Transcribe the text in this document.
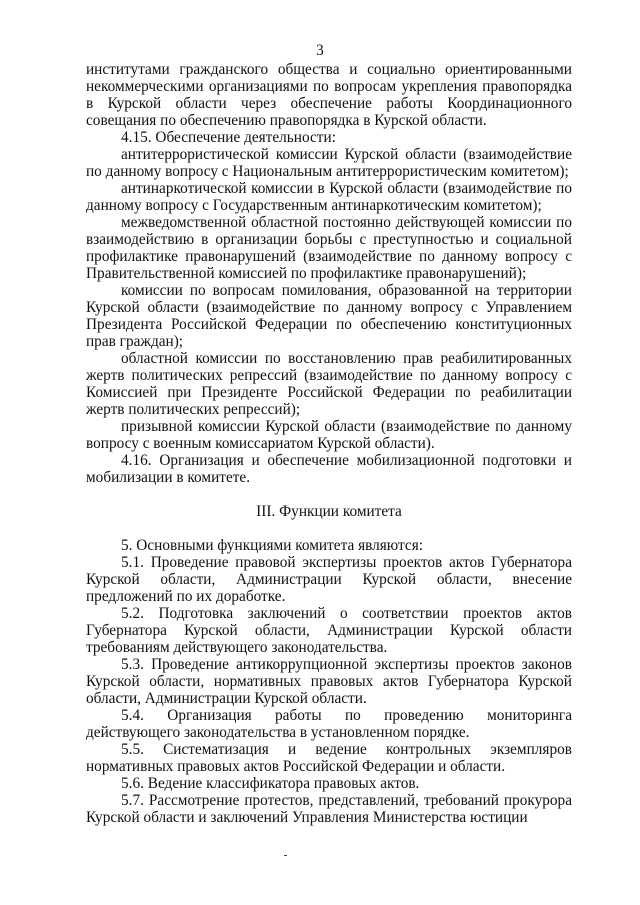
3

институтами гражданского общества и социально ориентированными некоммерческими организациями по вопросам укрепления правопорядка в Курской области через обеспечение работы Координационного совещания по обеспечению правопорядка в Курской области.

4.15. Обеспечение деятельности:

антитеррористической комиссии Курской области (взаимодействие по данному вопросу с Национальным антитеррористическим комитетом);

антинаркотической комиссии в Курской области (взаимодействие по данному вопросу с Государственным антинаркотическим комитетом);

межведомственной областной постоянно действующей комиссии по взаимодействию в организации борьбы с преступностью и социальной профилактике правонарушений (взаимодействие по данному вопросу с Правительственной комиссией по профилактике правонарушений);

комиссии по вопросам помилования, образованной на территории Курской области (взаимодействие по данному вопросу с Управлением Президента Российской Федерации по обеспечению конституционных прав граждан);

областной комиссии по восстановлению прав реабилитированных жертв политических репрессий (взаимодействие по данному вопросу с Комиссией при Президенте Российской Федерации по реабилитации жертв политических репрессий);

призывной комиссии Курской области (взаимодействие по данному вопросу с военным комиссариатом Курской области).

4.16. Организация и обеспечение мобилизационной подготовки и мобилизации в комитете.

III. Функции комитета

5. Основными функциями комитета являются:

5.1. Проведение правовой экспертизы проектов актов Губернатора Курской области, Администрации Курской области, внесение предложений по их доработке.

5.2. Подготовка заключений о соответствии проектов актов Губернатора Курской области, Администрации Курской области требованиям действующего законодательства.

5.3. Проведение антикоррупционной экспертизы проектов законов Курской области, нормативных правовых актов Губернатора Курской области, Администрации Курской области.

5.4. Организация работы по проведению мониторинга действующего законодательства в установленном порядке.

5.5. Систематизация и ведение контрольных экземпляров нормативных правовых актов Российской Федерации и области.

5.6. Ведение классификатора правовых актов.

5.7. Рассмотрение протестов, представлений, требований прокурора Курской области и заключений Управления Министерства юстиции
